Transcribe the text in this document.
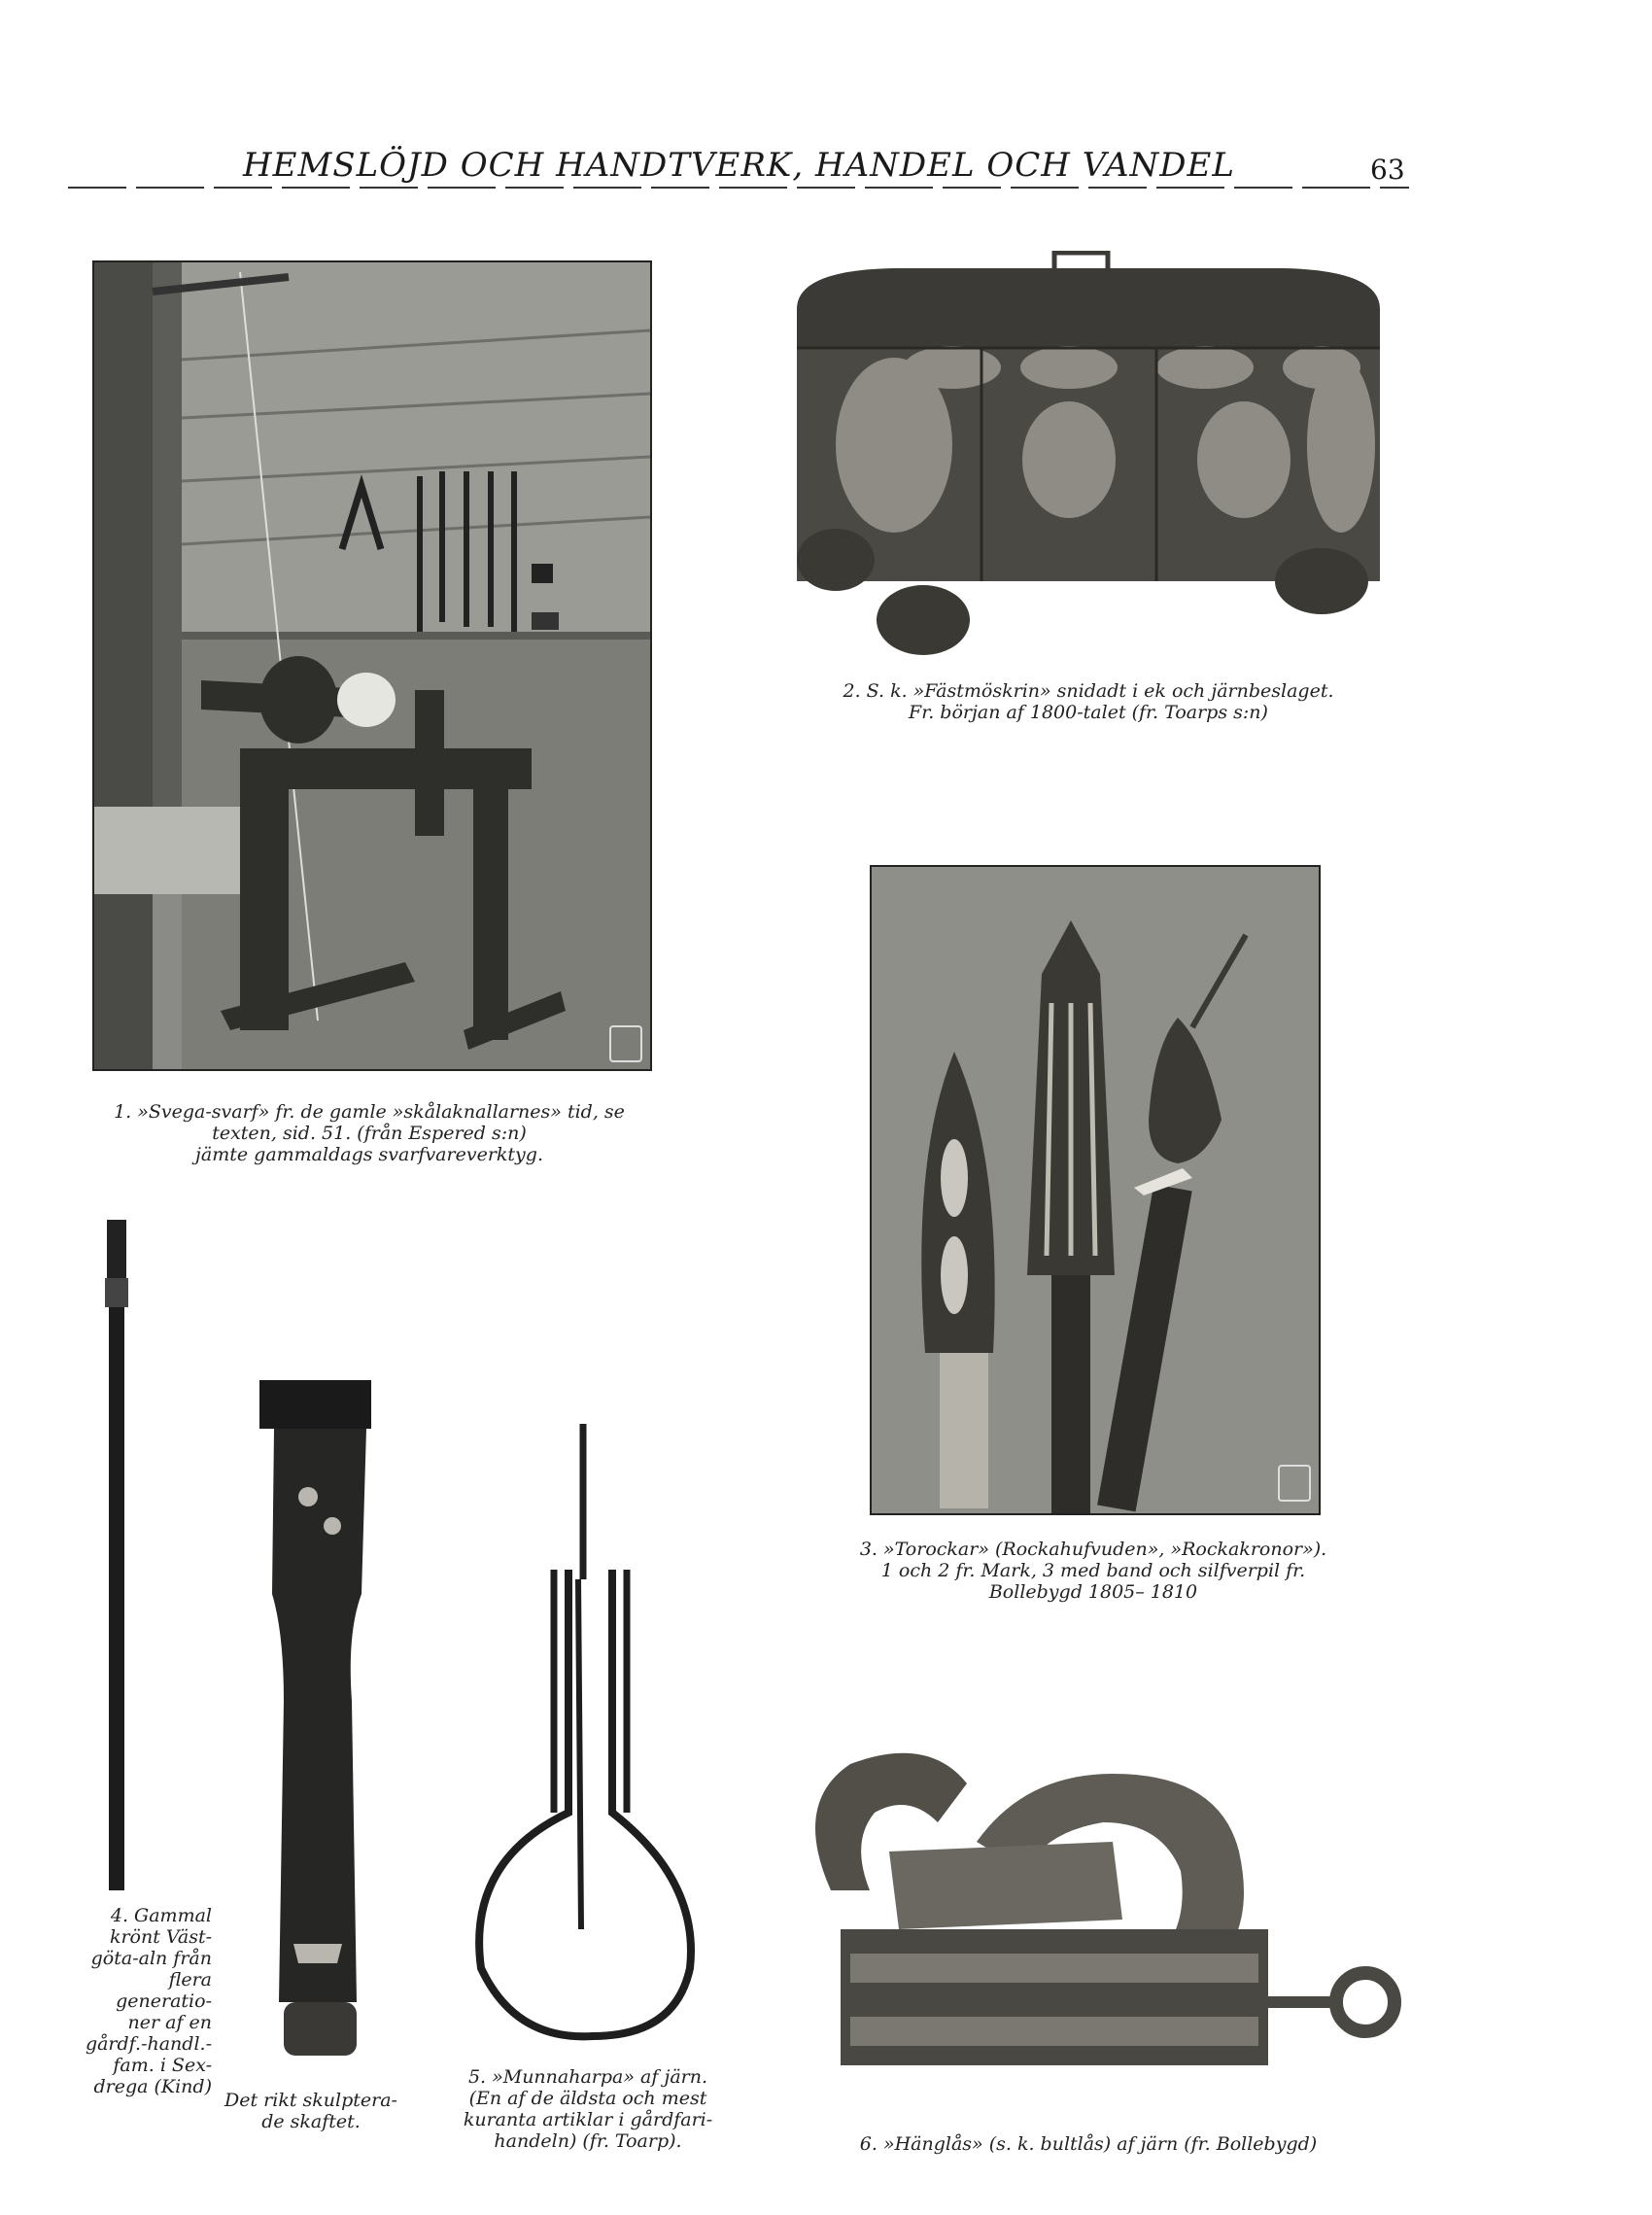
HEMSLÖJD OCH HANDTVERK, HANDEL OCH VANDEL	63
1. »Svega-svarf» fr. de gamle »skålaknallarnes» tid, se
texten, sid. 51. (från Espered s:n)
jämte gammaldags svarfvareverktyg.
2. S. k. »Fästmöskrin» snidadt i ek och järnbeslaget.
Fr. början af 1800-talet (fr. Toarps s:n)
3. »Torockar» (Rockahufvuden», »Rockakronor»).
1 och 2 fr. Mark, 3 med band och silfverpil fr.
Bollebygd 1805– 1810
4. Gammal
krönt Väst-
göta-aln från
flera generatio-
ner af en
gårdf.-handl.-
fam. i Sex-
drega (Kind)
Det rikt skulptera-
de skaftet.
5. »Munnaharpa» af järn.
(En af de äldsta och mest
kuranta artiklar i gårdfari-
handeln) (fr. Toarp).	6. »Hänglås» (s. k. bultlås) af järn (fr. Bollebygd)
